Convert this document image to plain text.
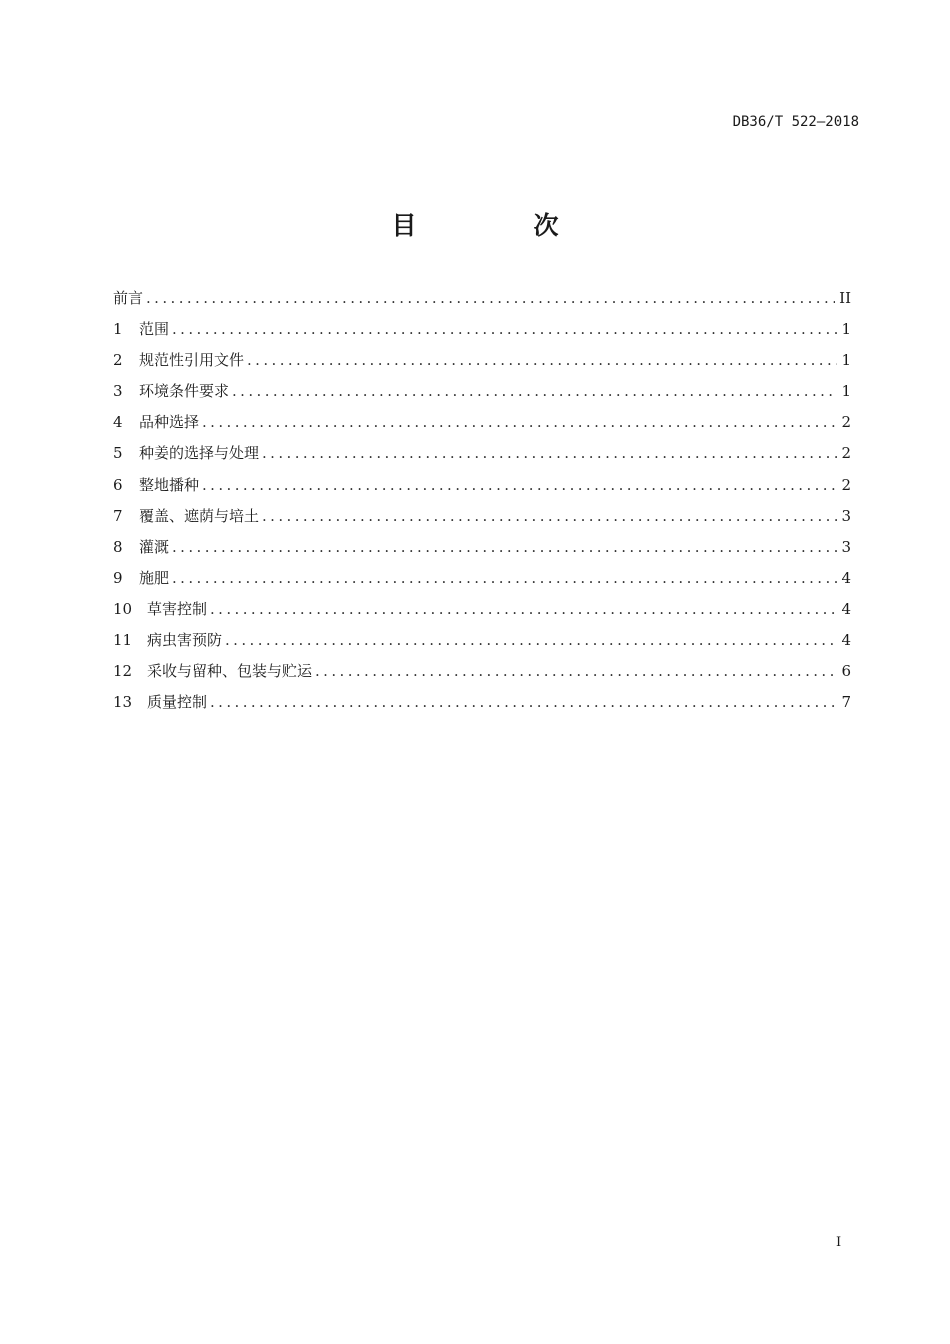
DB36/T 522—2018
目　次
前言 .....	II
1	范围 .....	1
2	规范性引用文件 .....	1
3	环境条件要求 .....	1
4	品种选择 .....	2
5	种姜的选择与处理 .....	2
6	整地播种 .....	2
7	覆盖、遮荫与培土 .....	3
8	灌溉 .....	3
9	施肥 .....	4
10 草害控制 .....	4
11 病虫害预防 .....	4
12 采收与留种、包装与贮运 .....	6
13 质量控制 .....	7
I
